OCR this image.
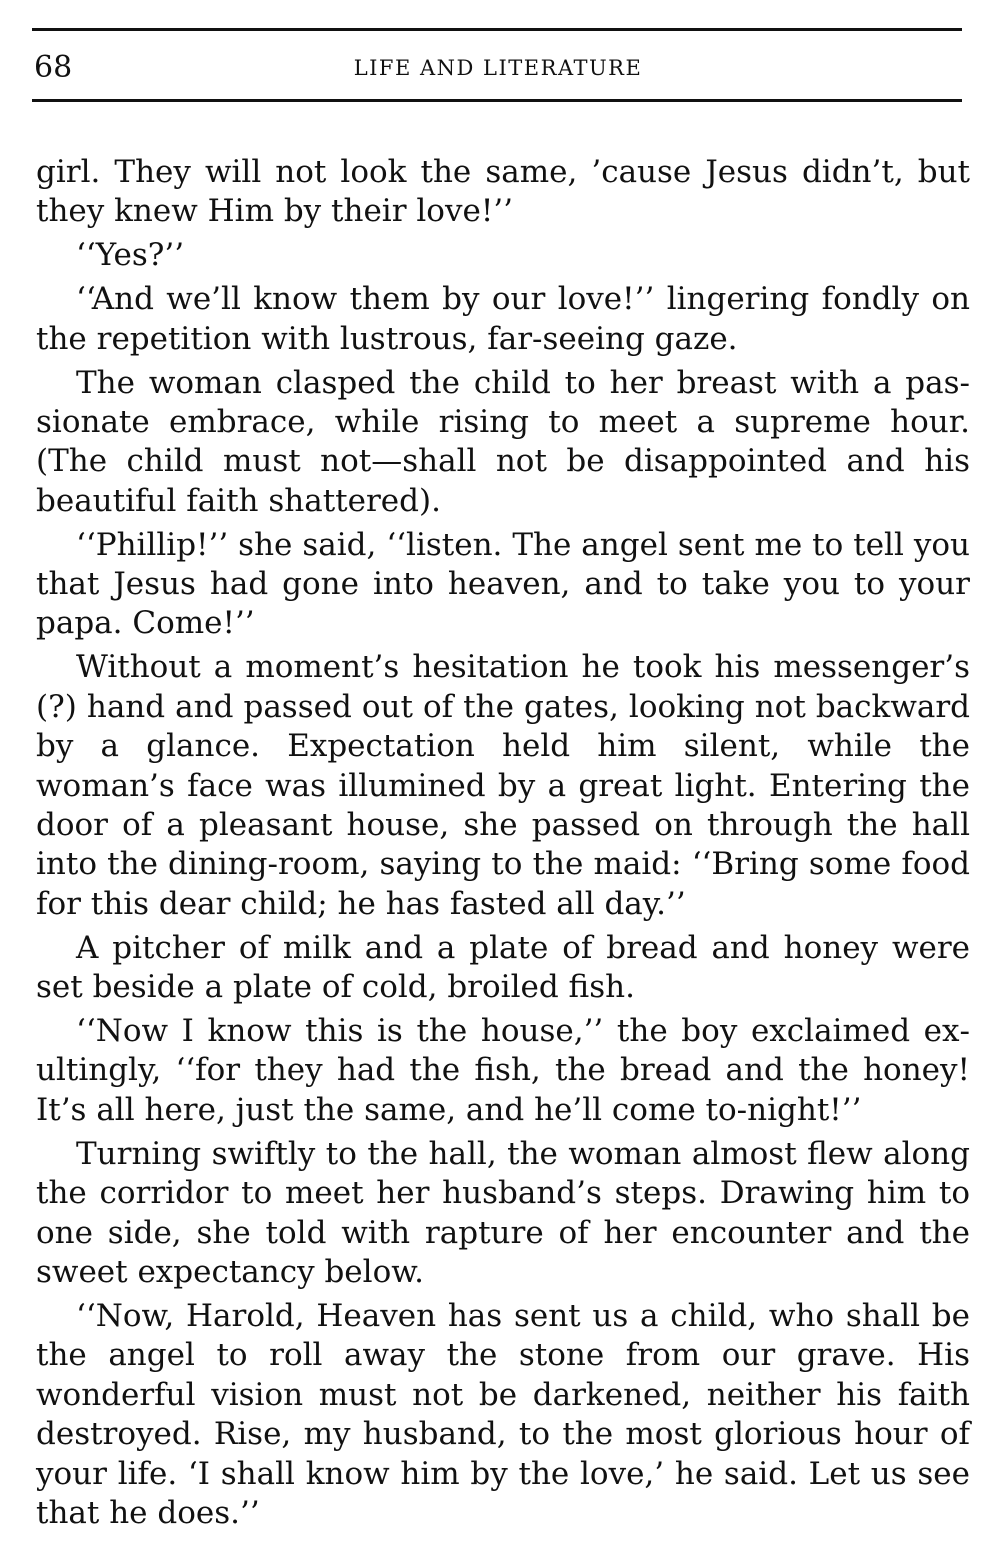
68	LIFE AND LITERATURE

girl. They will not look the same, ’cause Jesus didn’t, but they knew Him by their love!’’

‘‘Yes?’’

‘‘And we’ll know them by our love!’’ lingering fondly on the repetition with lustrous, far-seeing gaze.

The woman clasped the child to her breast with a passionate embrace, while rising to meet a supreme hour. (The child must not—shall not be disappointed and his beautiful faith shattered).

‘‘Phillip!’’ she said, ‘‘listen. The angel sent me to tell you that Jesus had gone into heaven, and to take you to your papa. Come!’’

Without a moment’s hesitation he took his messenger’s (?) hand and passed out of the gates, looking not backward by a glance. Expectation held him silent, while the woman’s face was illumined by a great light. Entering the door of a pleasant house, she passed on through the hall into the dining-room, saying to the maid: ‘‘Bring some food for this dear child; he has fasted all day.’’

A pitcher of milk and a plate of bread and honey were set beside a plate of cold, broiled fish.

‘‘Now I know this is the house,’’ the boy exclaimed exultingly, ‘‘for they had the fish, the bread and the honey! It’s all here, just the same, and he’ll come to-night!’’

Turning swiftly to the hall, the woman almost flew along the corridor to meet her husband’s steps. Drawing him to one side, she told with rapture of her encounter and the sweet expectancy below.

‘‘Now, Harold, Heaven has sent us a child, who shall be the angel to roll away the stone from our grave. His wonderful vision must not be darkened, neither his faith destroyed. Rise, my husband, to the most glorious hour of your life. ‘I shall know him by the love,’ he said. Let us see that he does.’’
